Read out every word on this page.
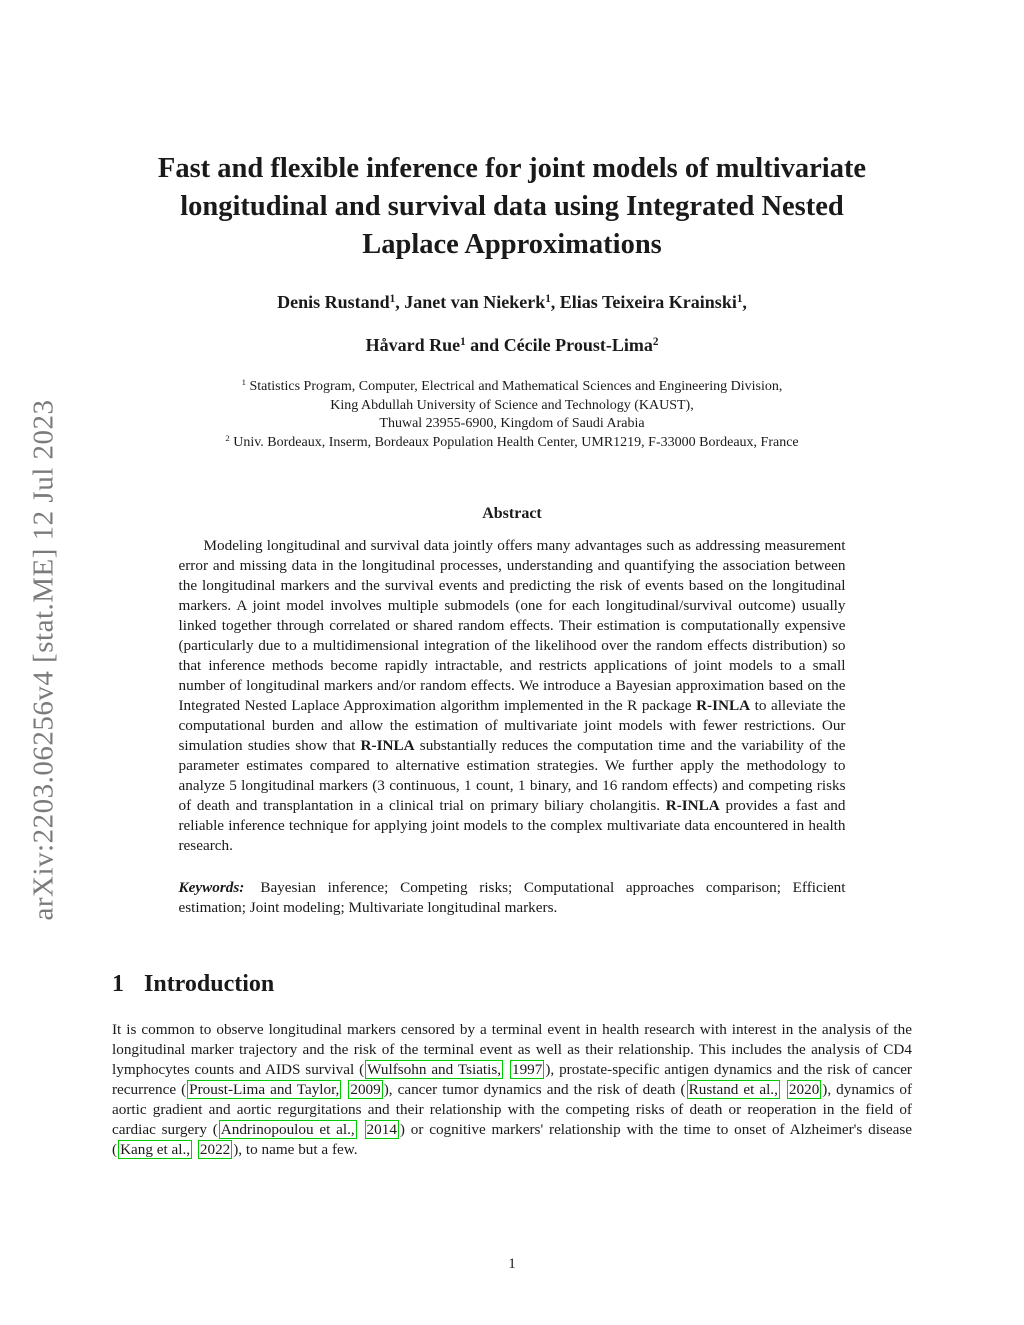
arXiv:2203.06256v4 [stat.ME] 12 Jul 2023
Fast and flexible inference for joint models of multivariate
longitudinal and survival data using Integrated Nested
Laplace Approximations
Denis Rustand$^1$, Janet van Niekerk$^1$, Elias Teixeira Krainski$^1$,
Håvard Rue$^1$ and Cécile Proust-Lima$^2$
$^1$ Statistics Program, Computer, Electrical and Mathematical Sciences and Engineering Division,
King Abdullah University of Science and Technology (KAUST),
Thuwal 23955-6900, Kingdom of Saudi Arabia
$^2$ Univ. Bordeaux, Inserm, Bordeaux Population Health Center, UMR1219, F-33000 Bordeaux, France
Abstract

Modeling longitudinal and survival data jointly offers many advantages such as addressing measurement error and missing data in the longitudinal processes, understanding and quantifying the association between the longitudinal markers and the survival events and predicting the risk of events based on the longitudinal markers. A joint model involves multiple submodels (one for each longitudinal/survival outcome) usually linked together through correlated or shared random effects. Their estimation is computationally expensive (particularly due to a multidimensional integration of the likelihood over the random effects distribution) so that inference methods become rapidly intractable, and restricts applications of joint models to a small number of longitudinal markers and/or random effects. We introduce a Bayesian approximation based on the Integrated Nested Laplace Approximation algorithm implemented in the R package R-INLA to alleviate the computational burden and allow the estimation of multivariate joint models with fewer restrictions. Our simulation studies show that R-INLA substantially reduces the computation time and the variability of the parameter estimates compared to alternative estimation strategies. We further apply the methodology to analyze 5 longitudinal markers (3 continuous, 1 count, 1 binary, and 16 random effects) and competing risks of death and transplantation in a clinical trial on primary biliary cholangitis. R-INLA provides a fast and reliable inference technique for applying joint models to the complex multivariate data encountered in health research.

Keywords: Bayesian inference; Competing risks; Computational approaches comparison; Efficient estimation; Joint modeling; Multivariate longitudinal markers.

1 Introduction

It is common to observe longitudinal markers censored by a terminal event in health research with interest in the analysis of the longitudinal marker trajectory and the risk of the terminal event as well as their relationship. This includes the analysis of CD4 lymphocytes counts and AIDS survival ( Wulfsohn and Tsiatis, 1997 ), prostate-specific antigen dynamics and the risk of cancer recurrence ( Proust-Lima and Taylor, 2009 ), cancer tumor dynamics and the risk of death ( Rustand et al., 2020 ), dynamics of aortic gradient and aortic regurgitations and their relationship with the competing risks of death or reoperation in the field of cardiac surgery ( Andrinopoulou et al., 2014 ) or cognitive markers' relationship with the time to onset of Alzheimer's disease ( Kang et al., 2022 ), to name but a few.

1
